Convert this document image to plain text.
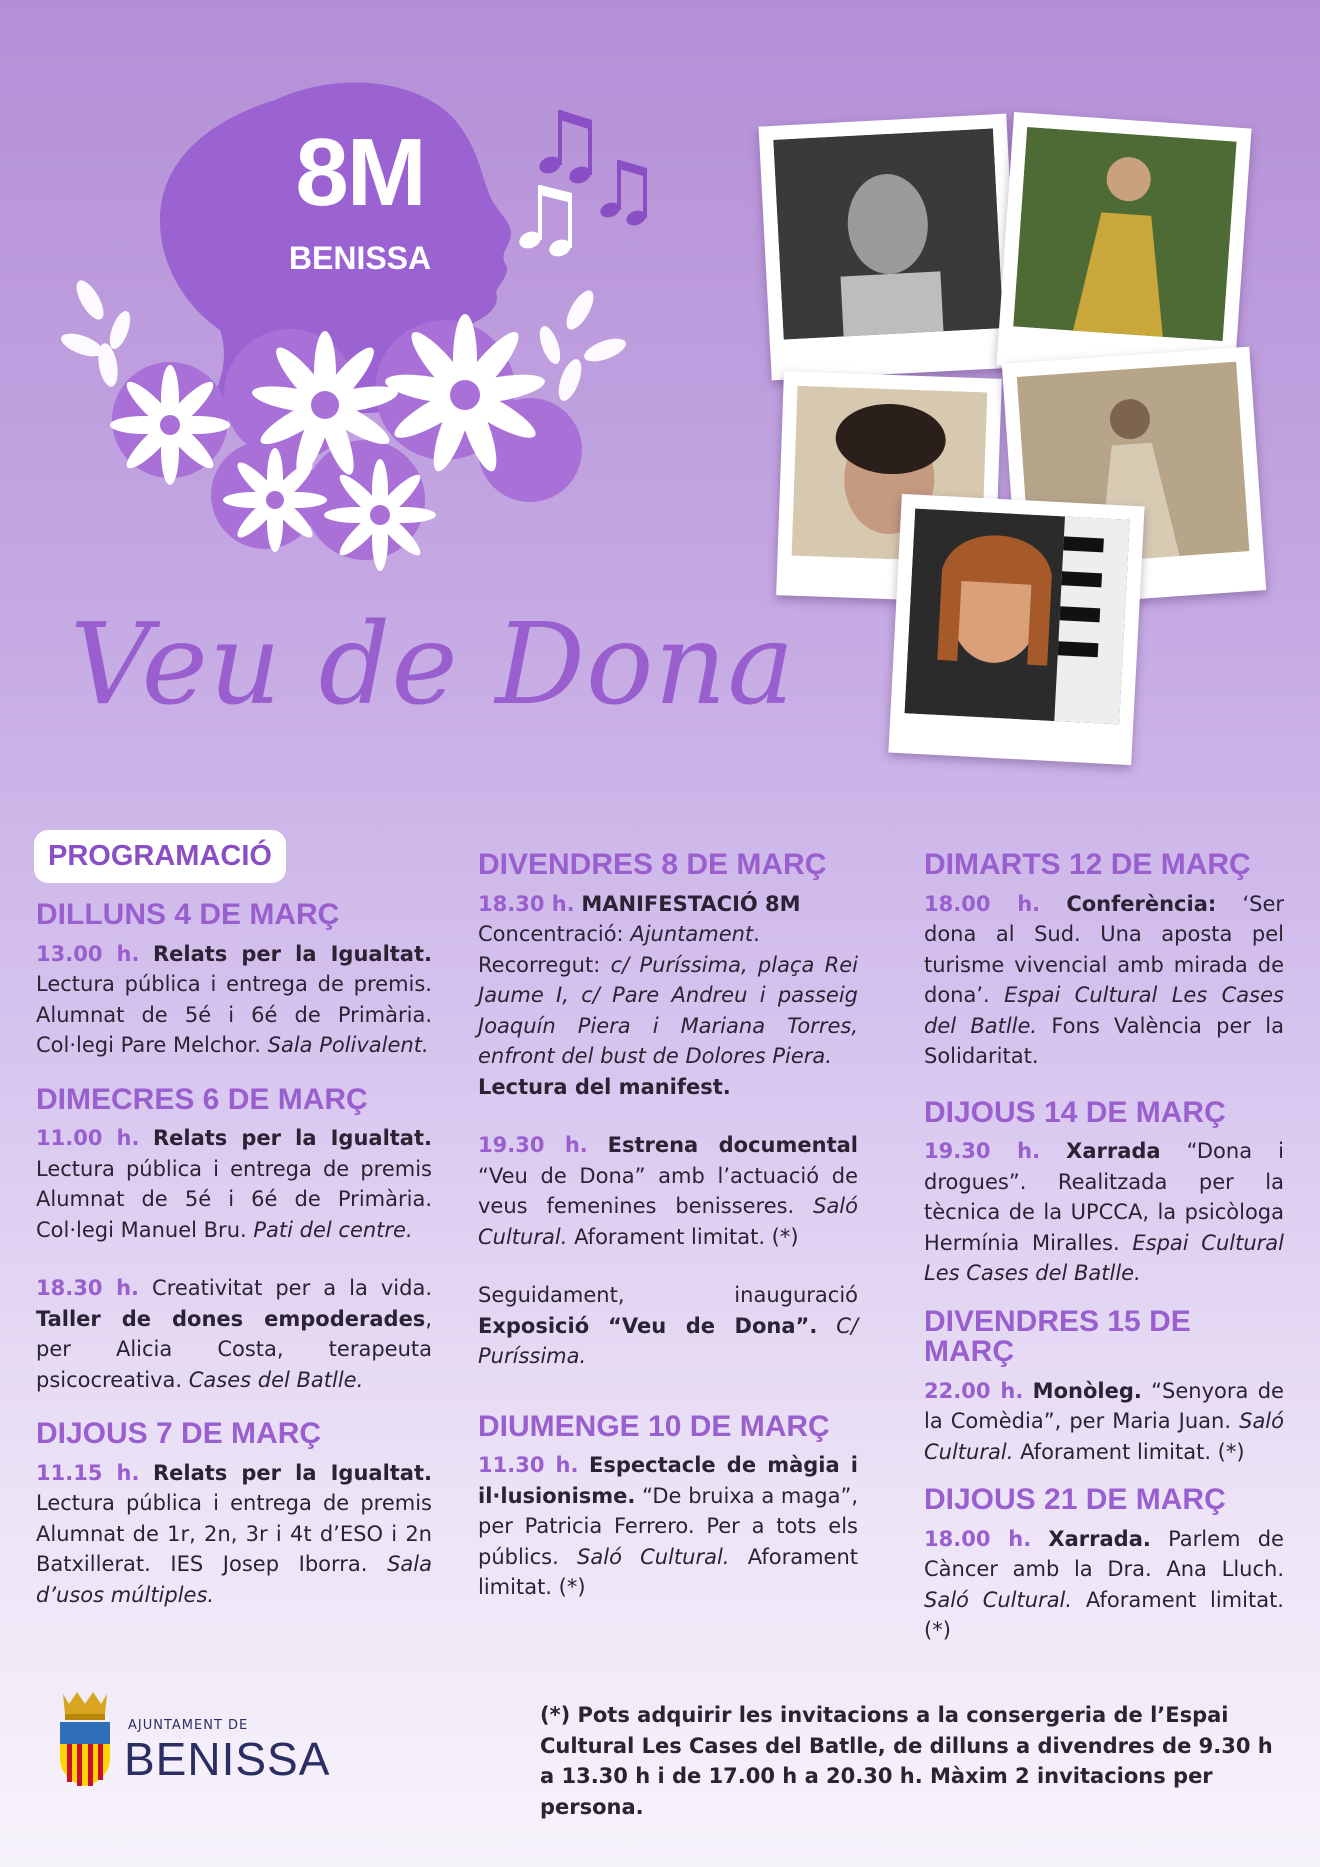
8M
BENISSA
Veu de Dona
PROGRAMACIÓ
DILLUNS 4 DE MARÇ

13.00 h. Relats per la Igualtat. Lectura pública i entrega de premis. Alumnat de 5é i 6é de Primària. Col·legi Pare Melchor. Sala Polivalent.

DIMECRES 6 DE MARÇ

11.00 h. Relats per la Igualtat. Lectura pública i entrega de premis Alumnat de 5é i 6é de Primària. Col·legi Manuel Bru. Pati del centre.

18.30 h. Creativitat per a la vida. Taller de dones empoderades, per Alicia Costa, terapeuta psicocreativa. Cases del Batlle.

DIJOUS 7 DE MARÇ

11.15 h. Relats per la Igualtat. Lectura pública i entrega de premis Alumnat de 1r, 2n, 3r i 4t d’ESO i 2n Batxillerat. IES Josep Iborra. Sala d’usos múltiples.

DIVENDRES 8 DE MARÇ

18.30 h. MANIFESTACIÓ 8M
Concentració: Ajuntament.
Recorregut: c/ Puríssima, plaça Rei Jaume I, c/ Pare Andreu i passeig Joaquín Piera i Mariana Torres, enfront del bust de Dolores Piera.
Lectura del manifest.

19.30 h. Estrena documental “Veu de Dona” amb l’actuació de veus femenines benisseres. Saló Cultural. Aforament limitat. (*)

Seguidament, inauguració Exposició “Veu de Dona”. C/ Puríssima.

DIUMENGE 10 DE MARÇ

11.30 h. Espectacle de màgia i il·lusionisme. “De bruixa a maga”, per Patricia Ferrero. Per a tots els públics. Saló Cultural. Aforament limitat. (*)

DIMARTS 12 DE MARÇ

18.00 h. Conferència: ‘Ser dona al Sud. Una aposta pel turisme vivencial amb mirada de dona’. Espai Cultural Les Cases del Batlle. Fons València per la Solidaritat.

DIJOUS 14 DE MARÇ

19.30 h. Xarrada “Dona i drogues”. Realitzada per la tècnica de la UPCCA, la psicòloga Hermínia Miralles. Espai Cultural Les Cases del Batlle.

DIVENDRES 15 DE MARÇ

22.00 h. Monòleg. “Senyora de la Comèdia”, per Maria Juan. Saló Cultural. Aforament limitat. (*)

DIJOUS 21 DE MARÇ

18.00 h. Xarrada. Parlem de Càncer amb la Dra. Ana Lluch. Saló Cultural. Aforament limitat. (*)

AJUNTAMENT DE
BENISSA
(*) Pots adquirir les invitacions a la consergeria de l’Espai Cultural Les Cases del Batlle, de dilluns a divendres de 9.30 h a 13.30 h i de 17.00 h a 20.30 h. Màxim 2 invitacions per persona.
